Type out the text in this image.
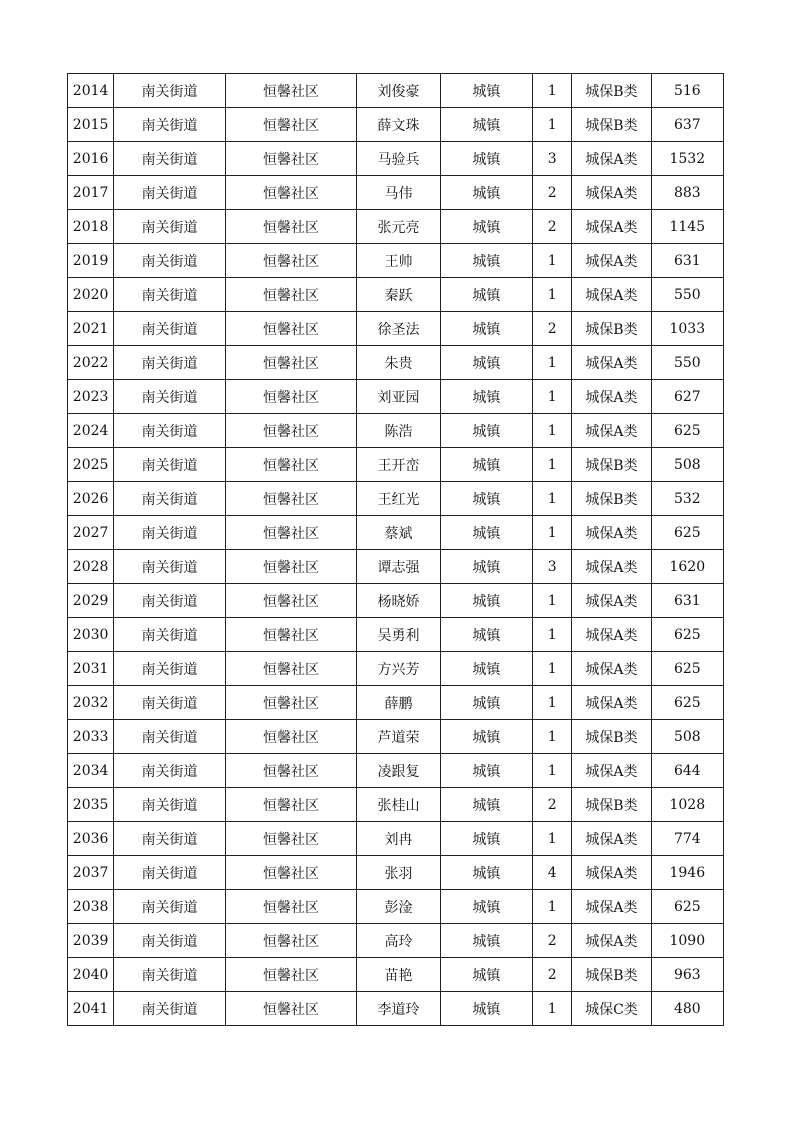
2014	南关街道	恒馨社区	刘俊豪	城镇	1	城保B类	516
2015	南关街道	恒馨社区	薛文珠	城镇	1	城保B类	637
2016	南关街道	恒馨社区	马验兵	城镇	3	城保A类	1532
2017	南关街道	恒馨社区	马伟	城镇	2	城保A类	883
2018	南关街道	恒馨社区	张元亮	城镇	2	城保A类	1145
2019	南关街道	恒馨社区	王帅	城镇	1	城保A类	631
2020	南关街道	恒馨社区	秦跃	城镇	1	城保A类	550
2021	南关街道	恒馨社区	徐圣法	城镇	2	城保B类	1033
2022	南关街道	恒馨社区	朱贵	城镇	1	城保A类	550
2023	南关街道	恒馨社区	刘亚园	城镇	1	城保A类	627
2024	南关街道	恒馨社区	陈浩	城镇	1	城保A类	625
2025	南关街道	恒馨社区	王开峦	城镇	1	城保B类	508
2026	南关街道	恒馨社区	王红光	城镇	1	城保B类	532
2027	南关街道	恒馨社区	蔡斌	城镇	1	城保A类	625
2028	南关街道	恒馨社区	谭志强	城镇	3	城保A类	1620
2029	南关街道	恒馨社区	杨晓娇	城镇	1	城保A类	631
2030	南关街道	恒馨社区	吴勇利	城镇	1	城保A类	625
2031	南关街道	恒馨社区	方兴芳	城镇	1	城保A类	625
2032	南关街道	恒馨社区	薛鹏	城镇	1	城保A类	625
2033	南关街道	恒馨社区	芦道荣	城镇	1	城保B类	508
2034	南关街道	恒馨社区	凌跟复	城镇	1	城保A类	644
2035	南关街道	恒馨社区	张桂山	城镇	2	城保B类	1028
2036	南关街道	恒馨社区	刘冉	城镇	1	城保A类	774
2037	南关街道	恒馨社区	张羽	城镇	4	城保A类	1946
2038	南关街道	恒馨社区	彭淦	城镇	1	城保A类	625
2039	南关街道	恒馨社区	高玲	城镇	2	城保A类	1090
2040	南关街道	恒馨社区	苗艳	城镇	2	城保B类	963
2041	南关街道	恒馨社区	李道玲	城镇	1	城保C类	480
